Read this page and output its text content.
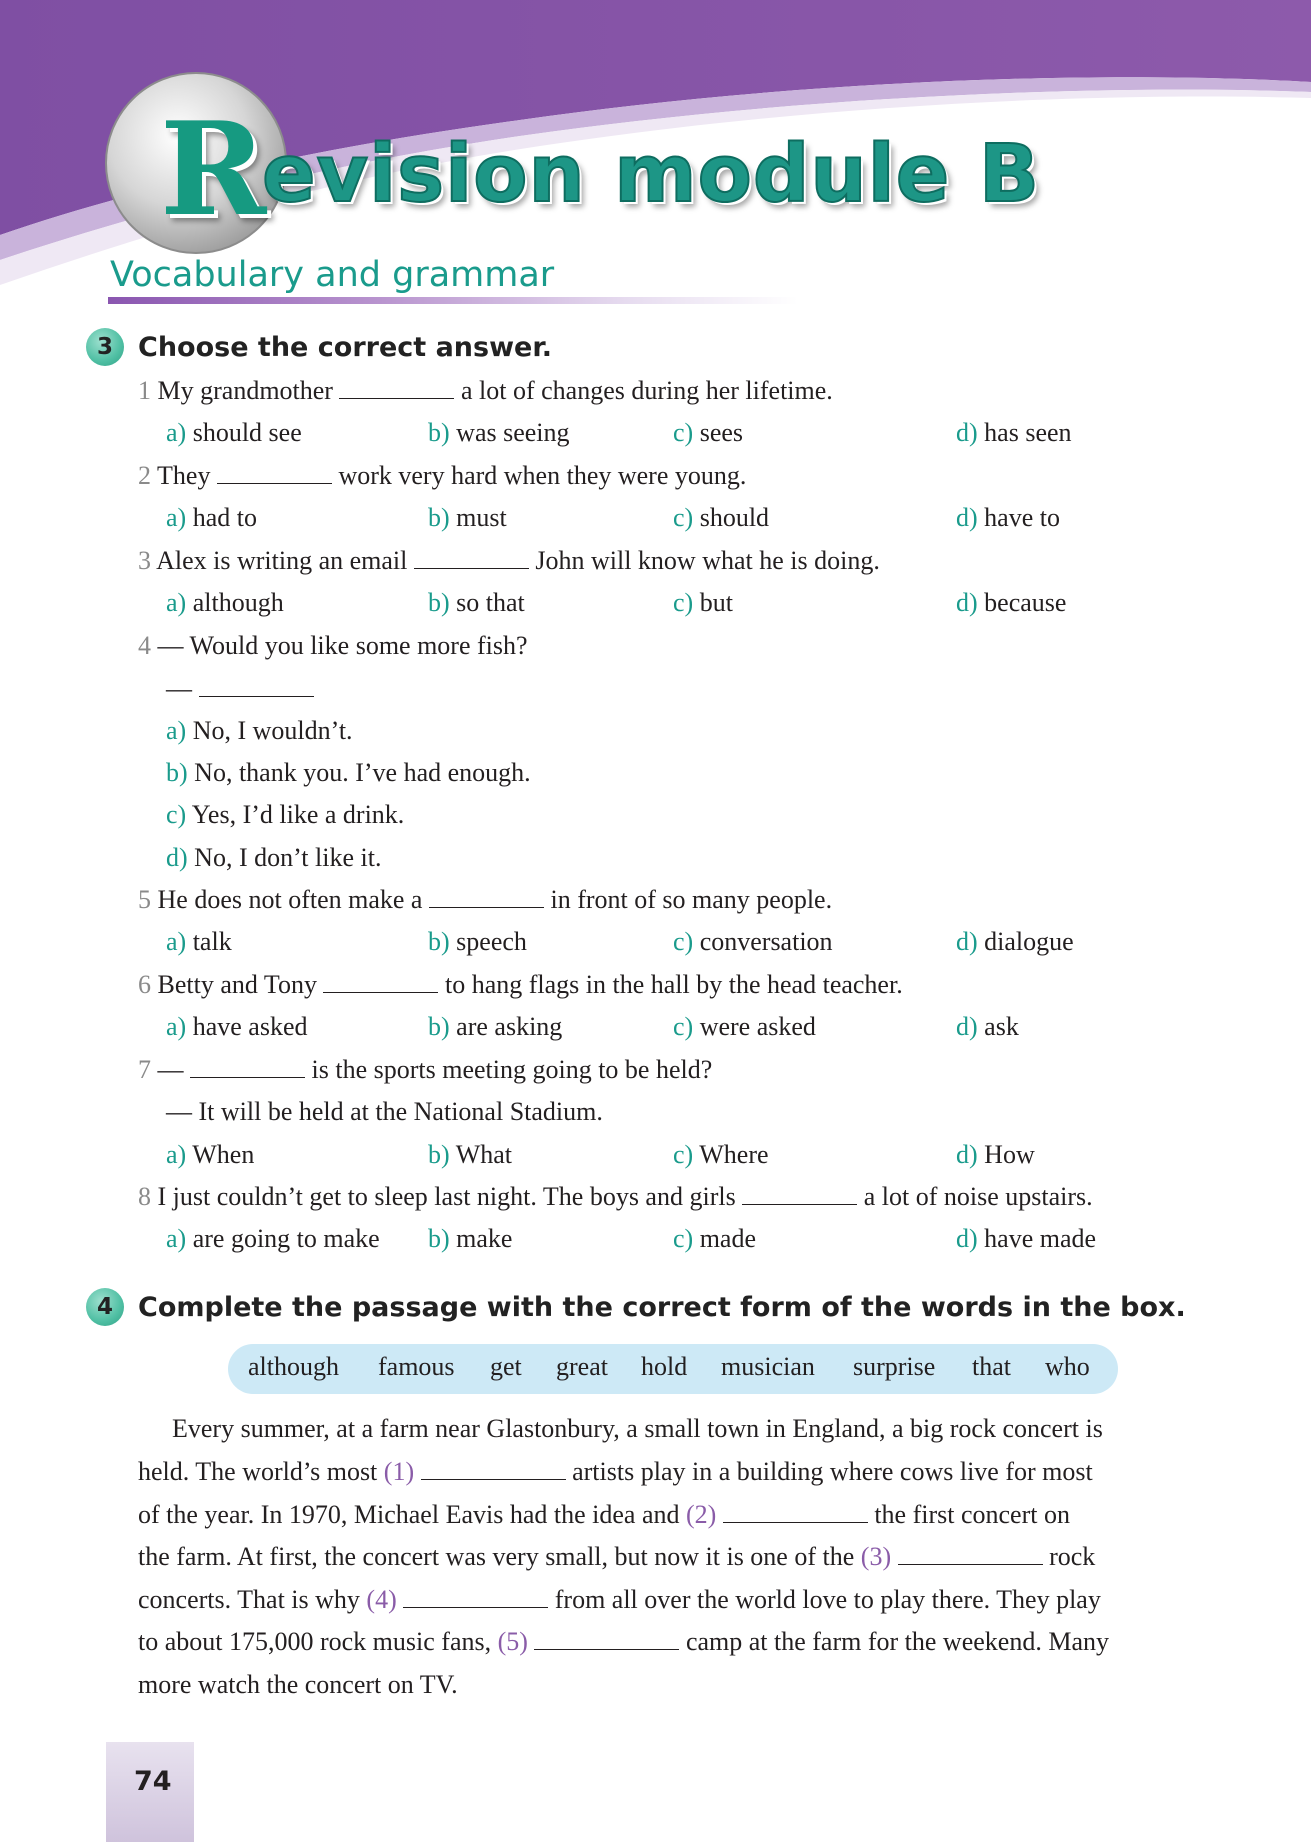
R
evision module B
Vocabulary and grammar
3 Choose the correct answer.
1 My grandmother	a lot of changes during her lifetime.
a) should see	b) was seeing	c) sees	d) has seen
2 They	work very hard when they were young.
a) had to	b) must	c) should	d) have to
3 Alex is writing an email	John will know what he is doing.
a) although	b) so that	c) but	d) because
4 — Would you like some more fish?
—
a) No, I wouldn’t.
b) No, thank you. I’ve had enough.
c) Yes, I’d like a drink.
d) No, I don’t like it.
5 He does not often make a	in front of so many people.
a) talk	b) speech	c) conversation	d) dialogue
6 Betty and Tony	to hang flags in the hall by the head teacher.
a) have asked	b) are asking	c) were asked	d) ask
7 —	is the sports meeting going to be held?
— It will be held at the National Stadium.
a) When	b) What	c) Where	d) How
8 I just couldn’t get to sleep last night. The boys and girls	a lot of noise upstairs.
a) are going to make b) make	c) made	d) have made
4 Complete the passage with the correct form of the words in the box.
although famous get great hold musician surprise that who
Every summer, at a farm near Glastonbury, a small town in England, a big rock concert is
held. The world’s most (1)	artists play in a building where cows live for most
of the year. In 1970, Michael Eavis had the idea and (2)	the first concert on
the farm. At first, the concert was very small, but now it is one of the (3)	rock
concerts. That is why (4)	from all over the world love to play there. They play
to about 175,000 rock music fans, (5)	camp at the farm for the weekend. Many
more watch the concert on TV.
74
